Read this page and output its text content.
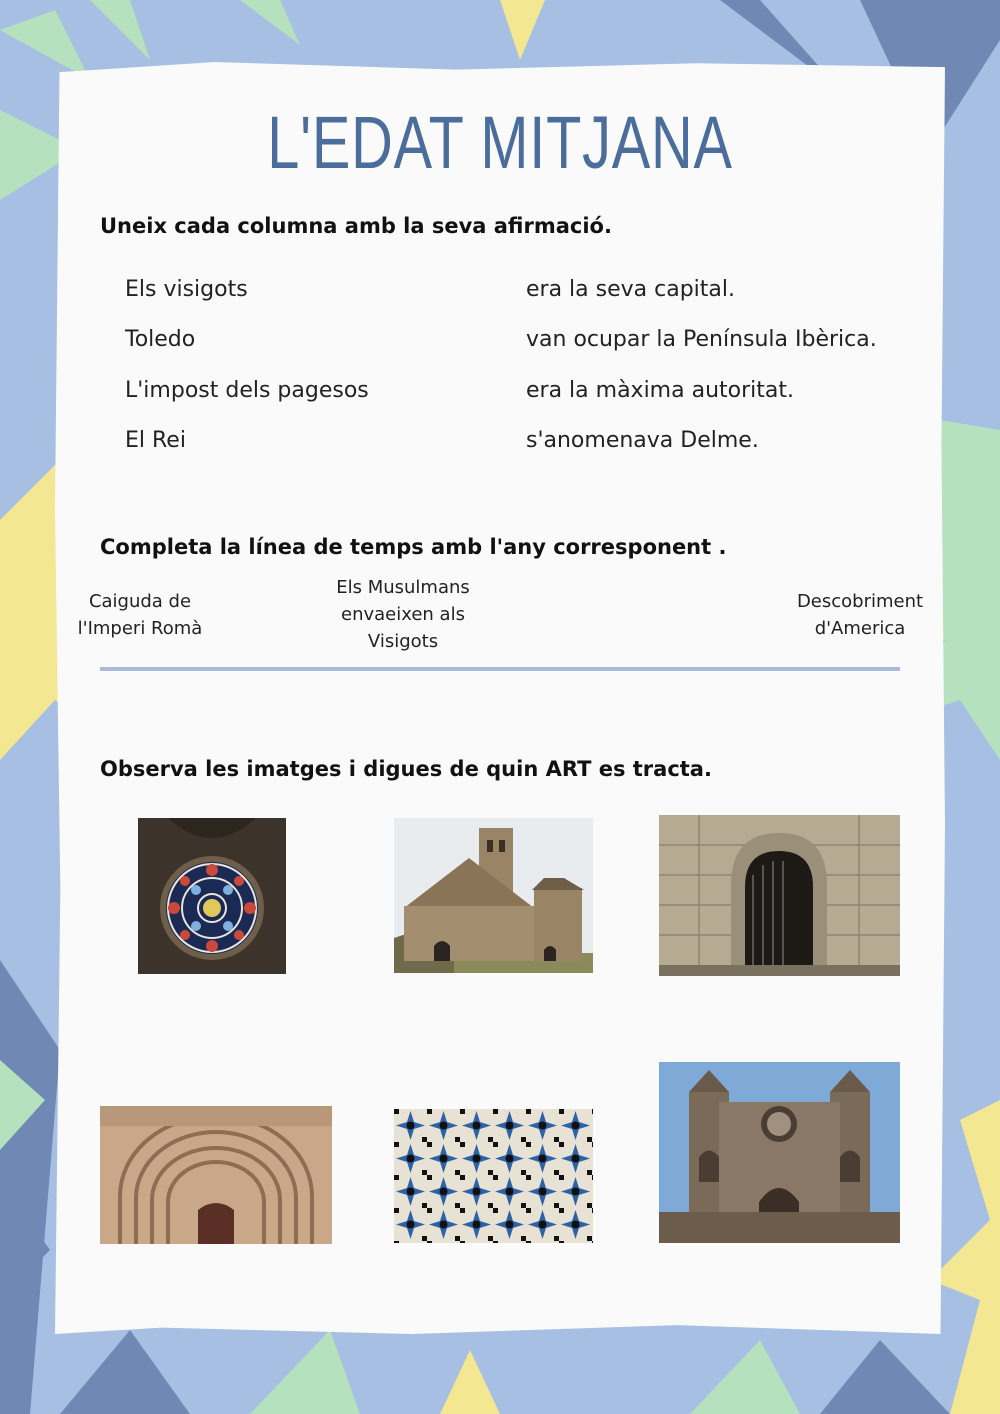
L'EDAT MITJANA
Uneix cada columna amb la seva afirmació.
Els visigots
Toledo
L'impost dels pagesos
El Rei
era la seva capital.
van ocupar la Península Ibèrica.
era la màxima autoritat.
s'anomenava Delme.
Completa la línea de temps amb l'any corresponent .
Caiguda de
l'Imperi Romà
Els Musulmans
envaeixen als
Visigots
Descobriment
d'America
Observa les imatges i digues de quin ART es tracta.
